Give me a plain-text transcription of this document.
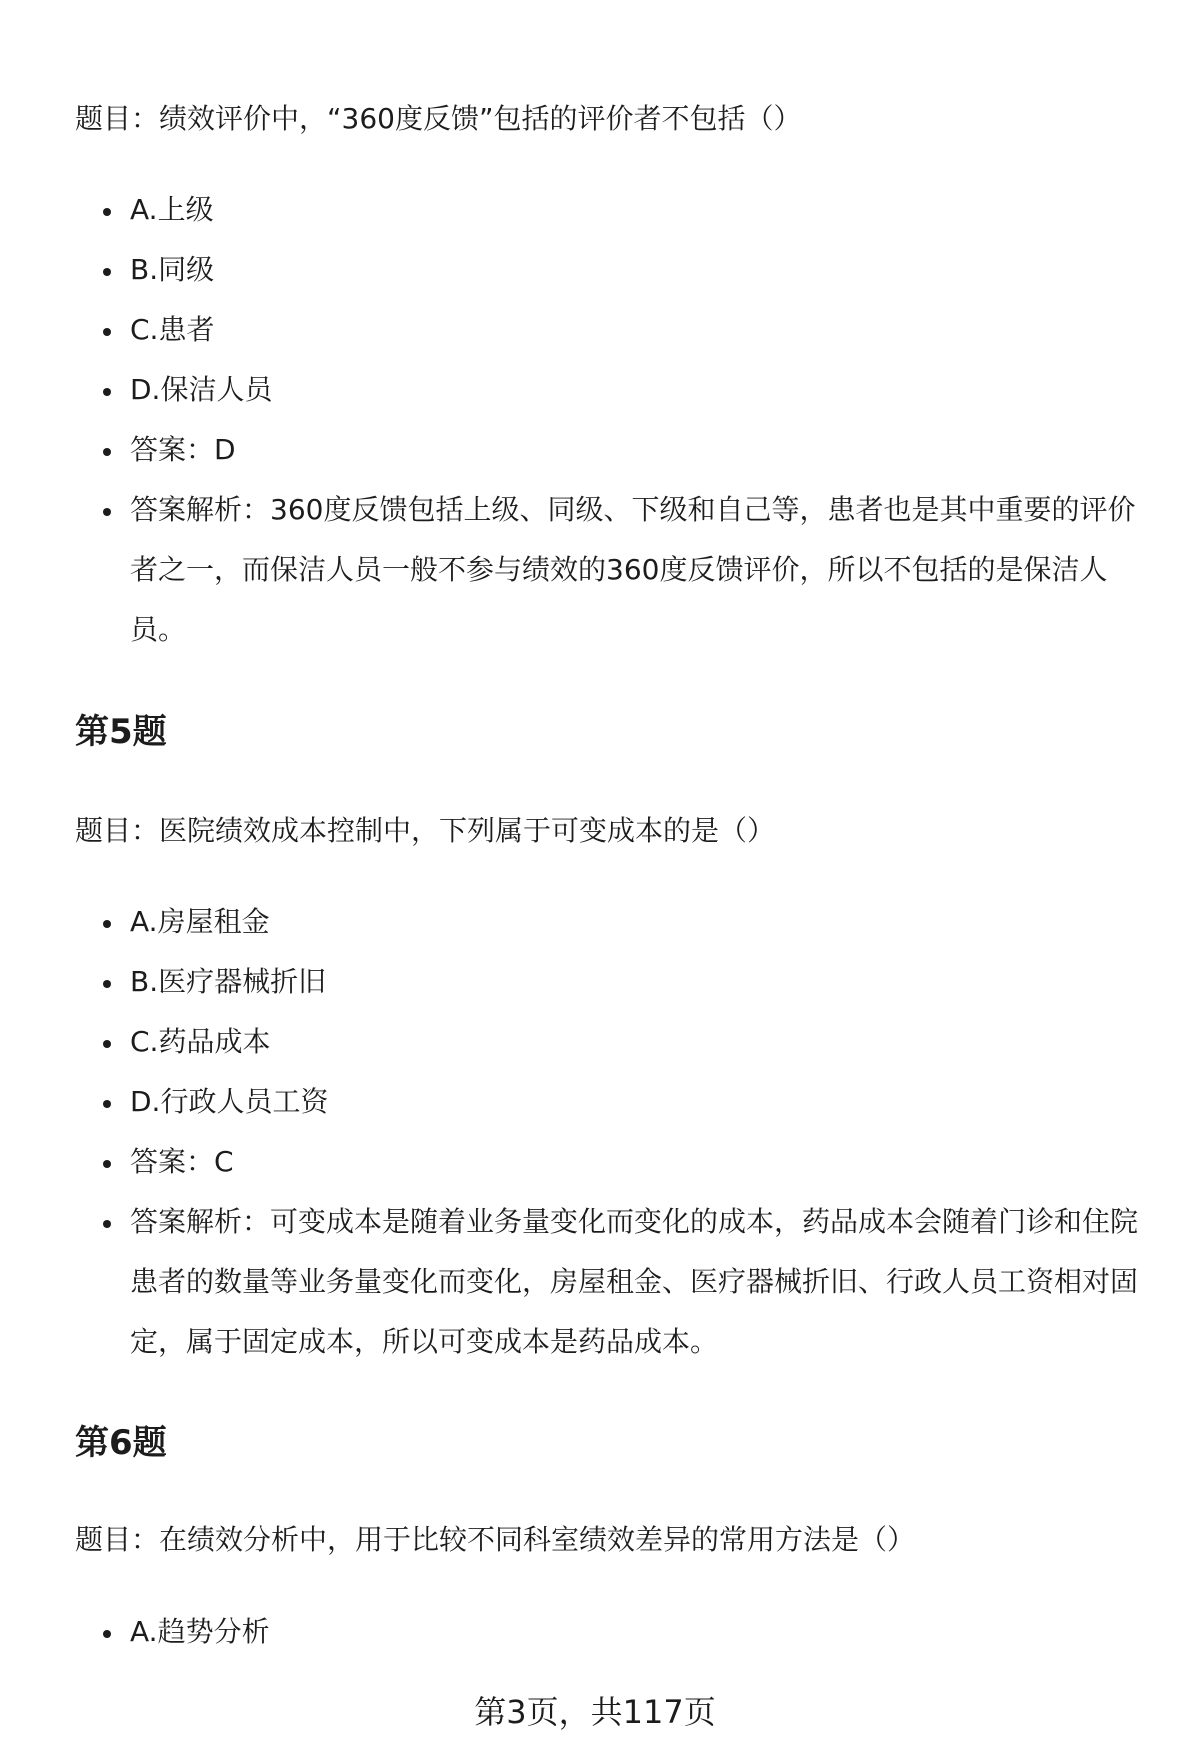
题目：绩效评价中，“360度反馈”包括的评价者不包括（）
A.上级
B.同级
C.患者
D.保洁人员
答案：D
答案解析：360度反馈包括上级、同级、下级和自己等，患者也是其中重要的评价者之一，而保洁人员一般不参与绩效的360度反馈评价，所以不包括的是保洁人员。
第5题
题目：医院绩效成本控制中，下列属于可变成本的是（）
A.房屋租金
B.医疗器械折旧
C.药品成本
D.行政人员工资
答案：C
答案解析：可变成本是随着业务量变化而变化的成本，药品成本会随着门诊和住院患者的数量等业务量变化而变化，房屋租金、医疗器械折旧、行政人员工资相对固定，属于固定成本，所以可变成本是药品成本。
第6题
题目：在绩效分析中，用于比较不同科室绩效差异的常用方法是（）
A.趋势分析
第3页，共117页
